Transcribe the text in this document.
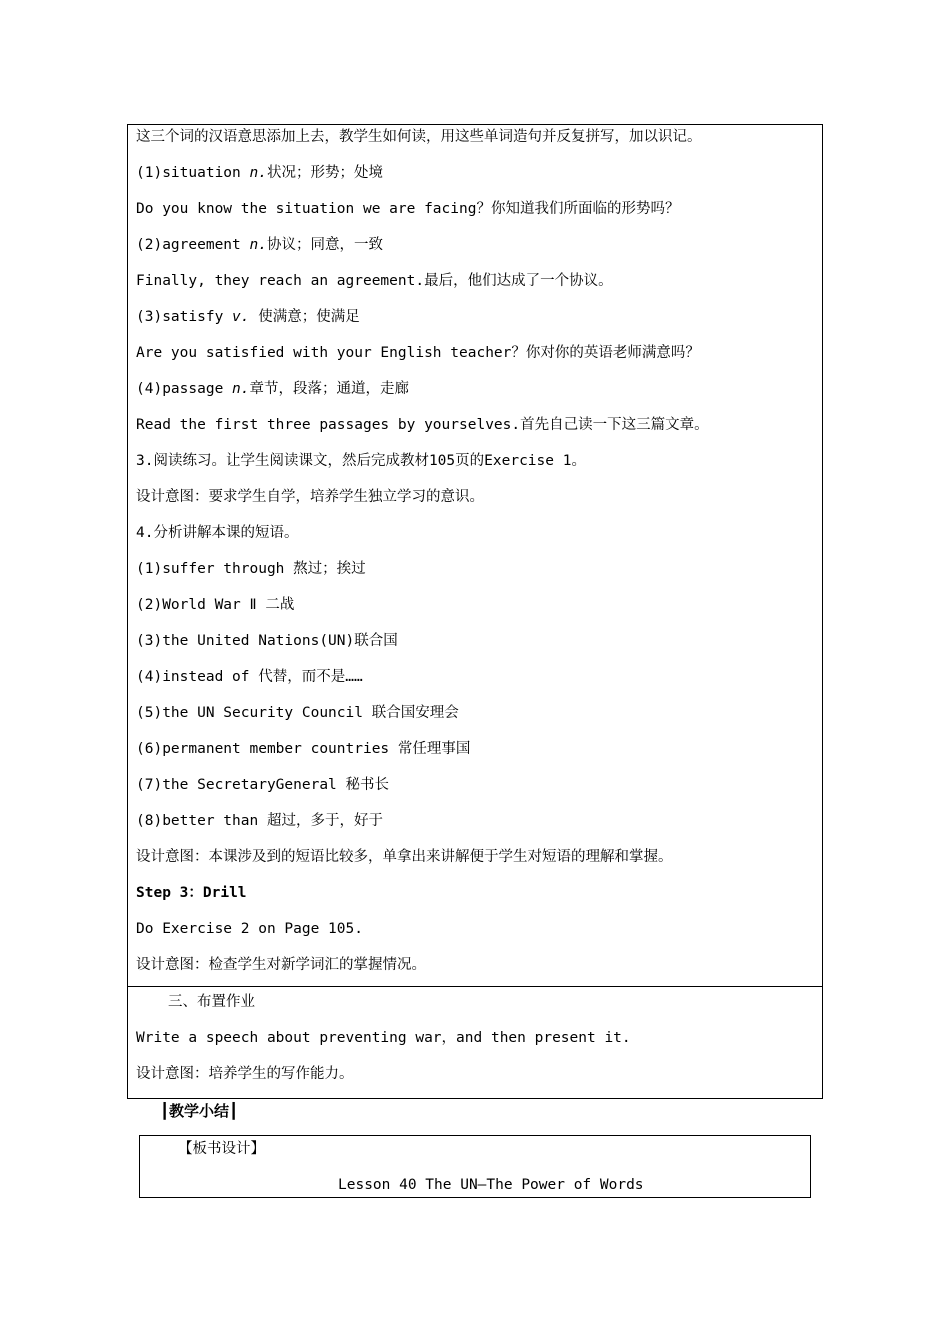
这三个词的汉语意思添加上去，教学生如何读，用这些单词造句并反复拼写，加以识记。
(1)situation n.状况；形势；处境
Do you know the situation we are facing？你知道我们所面临的形势吗？
(2)agreement n.协议；同意，一致
Finally, they reach an agreement.最后，他们达成了一个协议。
(3)satisfy v. 使满意；使满足
Are you satisfied with your English teacher？你对你的英语老师满意吗？
(4)passage n.章节，段落；通道，走廊
Read the first three passages by yourselves.首先自己读一下这三篇文章。
3.阅读练习。让学生阅读课文，然后完成教材105页的Exercise 1。
设计意图：要求学生自学，培养学生独立学习的意识。
4.分析讲解本课的短语。
(1)suffer through 熬过；挨过
(2)World War Ⅱ 二战
(3)the United Nations(UN)联合国
(4)instead of 代替，而不是……
(5)the UN Security Council 联合国安理会
(6)permanent member countries 常任理事国
(7)the SecretaryGeneral 秘书长
(8)better than 超过，多于，好于
设计意图：本课涉及到的短语比较多，单拿出来讲解便于学生对短语的理解和掌握。
Step 3：Drill
Do Exercise 2 on Page 105.
设计意图：检查学生对新学词汇的掌握情况。
三、布置作业
Write a speech about preventing war，and then present it.
设计意图：培养学生的写作能力。
┃教学小结┃
【板书设计】
Lesson 40 The UN—The Power of Words
